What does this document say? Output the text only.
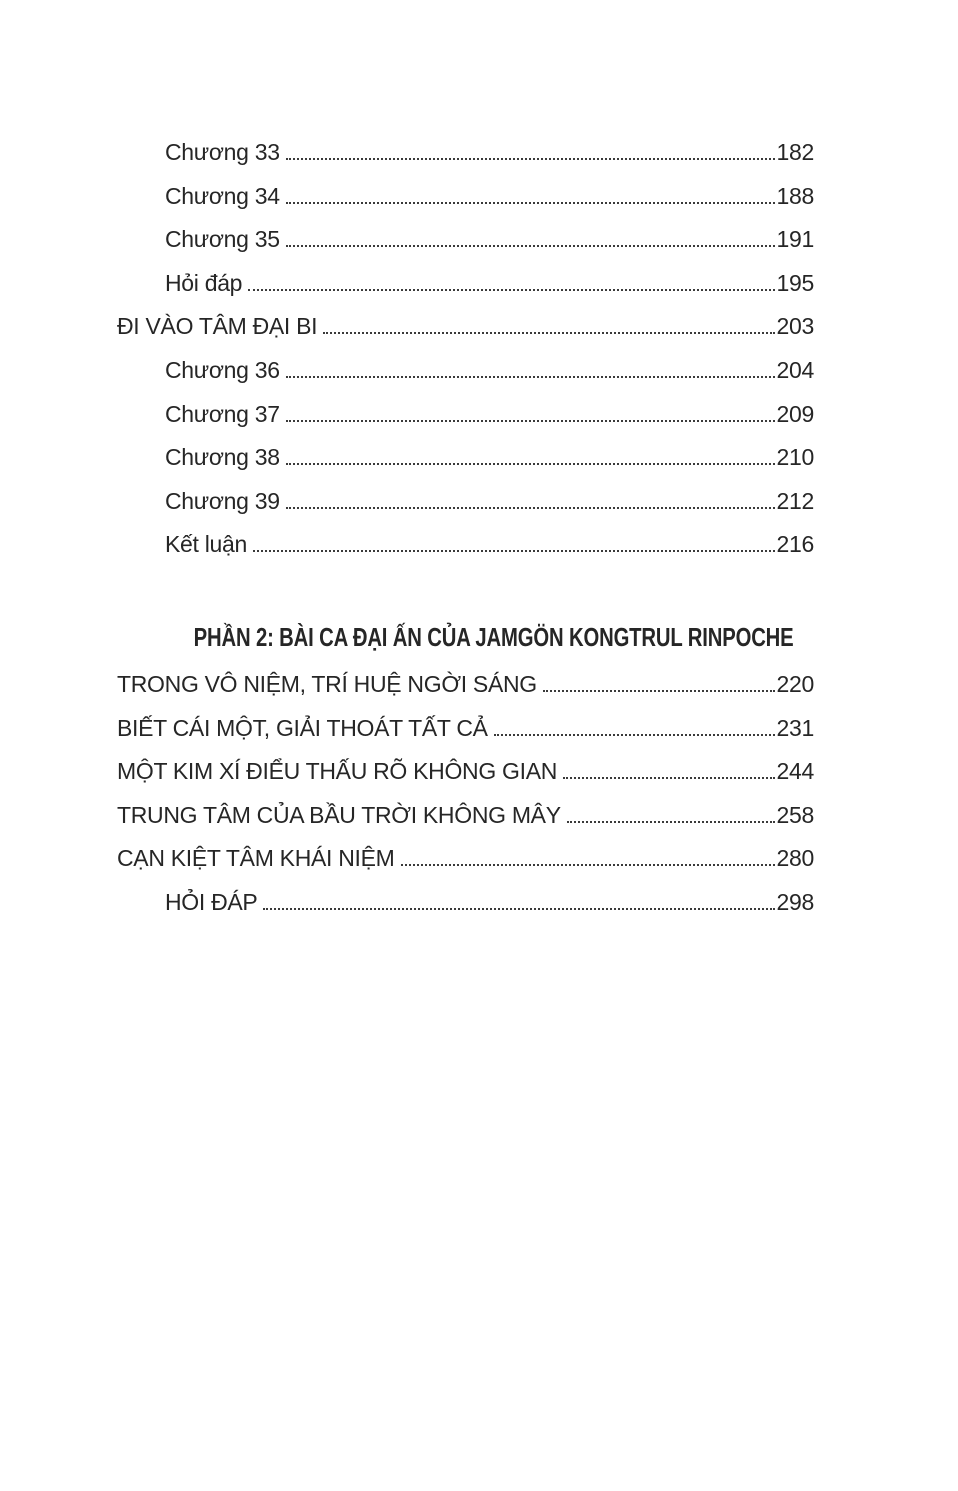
Chương 33	182
Chương 34	188
Chương 35	191
Hỏi đáp	195
ĐI VÀO TÂM ĐẠI BI	203
Chương 36	204
Chương 37	209
Chương 38	210
Chương 39	212
Kết luận	216
PHẦN 2: BÀI CA ĐẠI ẤN CỦA JAMGÖN KONGTRUL RINPOCHE
TRONG VÔ NIỆM, TRÍ HUỆ NGỜI SÁNG	220
BIẾT CÁI MỘT, GIẢI THOÁT TẤT CẢ	231
MỘT KIM XÍ ĐIỂU THẤU RÕ KHÔNG GIAN	244
TRUNG TÂM CỦA BẦU TRỜI KHÔNG MÂY	258
CẠN KIỆT TÂM KHÁI NIỆM	280
HỎI ĐÁP	298
